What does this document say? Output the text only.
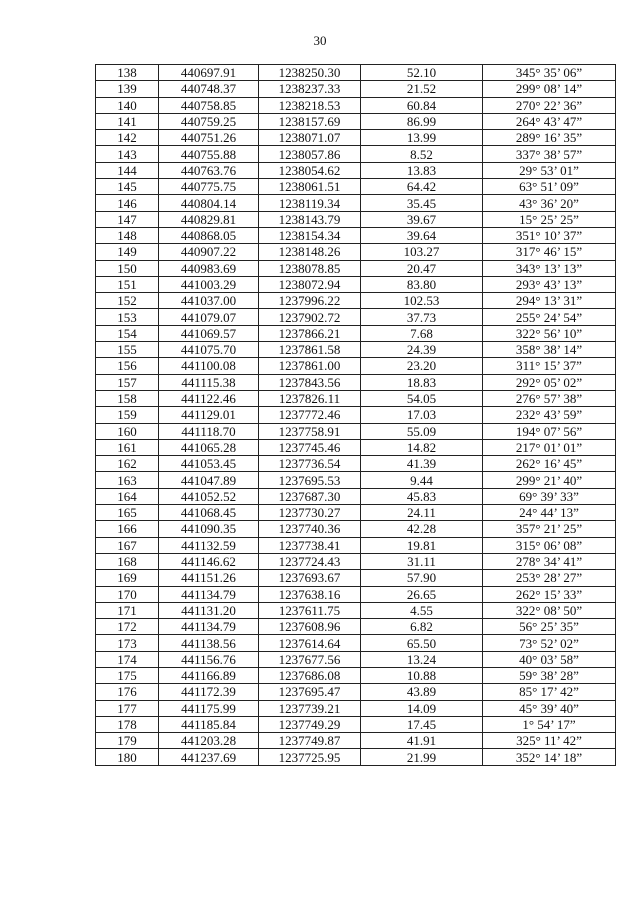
30
138	440697.91	1238250.30	52.10	345° 35’ 06”
139	440748.37	1238237.33	21.52	299° 08’ 14”
140	440758.85	1238218.53	60.84	270° 22’ 36”
141	440759.25	1238157.69	86.99	264° 43’ 47”
142	440751.26	1238071.07	13.99	289° 16’ 35”
143	440755.88	1238057.86	8.52	337° 38’ 57”
144	440763.76	1238054.62	13.83	29° 53’ 01”
145	440775.75	1238061.51	64.42	63° 51’ 09”
146	440804.14	1238119.34	35.45	43° 36’ 20”
147	440829.81	1238143.79	39.67	15° 25’ 25”
148	440868.05	1238154.34	39.64	351° 10’ 37”
149	440907.22	1238148.26	103.27	317° 46’ 15”
150	440983.69	1238078.85	20.47	343° 13’ 13”
151	441003.29	1238072.94	83.80	293° 43’ 13”
152	441037.00	1237996.22	102.53	294° 13’ 31”
153	441079.07	1237902.72	37.73	255° 24’ 54”
154	441069.57	1237866.21	7.68	322° 56’ 10”
155	441075.70	1237861.58	24.39	358° 38’ 14”
156	441100.08	1237861.00	23.20	311° 15’ 37”
157	441115.38	1237843.56	18.83	292° 05’ 02”
158	441122.46	1237826.11	54.05	276° 57’ 38”
159	441129.01	1237772.46	17.03	232° 43’ 59”
160	441118.70	1237758.91	55.09	194° 07’ 56”
161	441065.28	1237745.46	14.82	217° 01’ 01”
162	441053.45	1237736.54	41.39	262° 16’ 45”
163	441047.89	1237695.53	9.44	299° 21’ 40”
164	441052.52	1237687.30	45.83	69° 39’ 33”
165	441068.45	1237730.27	24.11	24° 44’ 13”
166	441090.35	1237740.36	42.28	357° 21’ 25”
167	441132.59	1237738.41	19.81	315° 06’ 08”
168	441146.62	1237724.43	31.11	278° 34’ 41”
169	441151.26	1237693.67	57.90	253° 28’ 27”
170	441134.79	1237638.16	26.65	262° 15’ 33”
171	441131.20	1237611.75	4.55	322° 08’ 50”
172	441134.79	1237608.96	6.82	56° 25’ 35”
173	441138.56	1237614.64	65.50	73° 52’ 02”
174	441156.76	1237677.56	13.24	40° 03’ 58”
175	441166.89	1237686.08	10.88	59° 38’ 28”
176	441172.39	1237695.47	43.89	85° 17’ 42”
177	441175.99	1237739.21	14.09	45° 39’ 40”
178	441185.84	1237749.29	17.45	1° 54’ 17”
179	441203.28	1237749.87	41.91	325° 11’ 42”
180	441237.69	1237725.95	21.99	352° 14’ 18”
